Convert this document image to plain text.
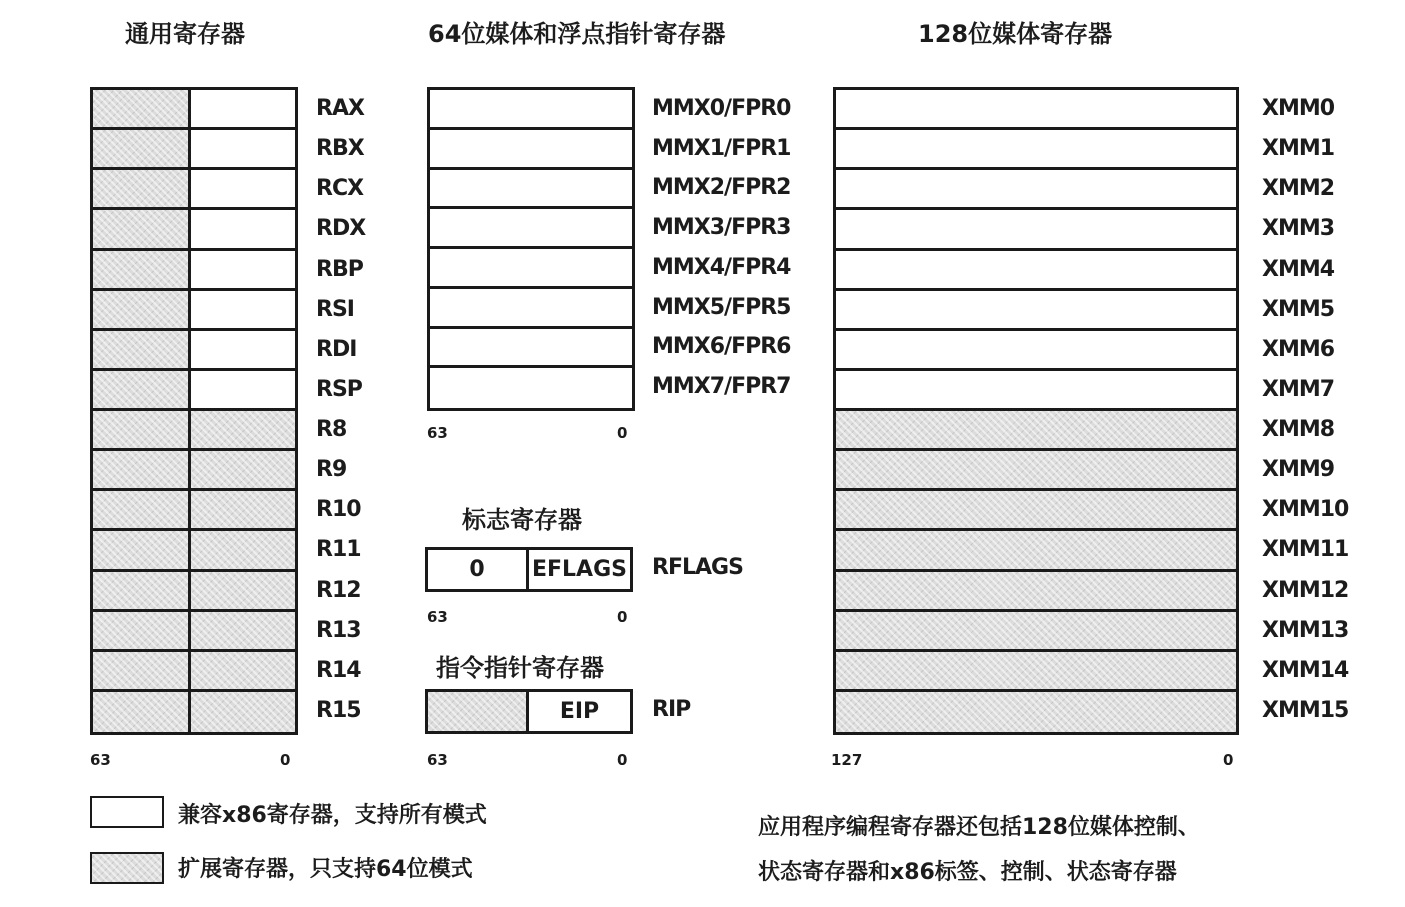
通用寄存器	64位媒体和浮点指针寄存器	128位媒体寄存器
RAX
RBX
RCX
RDX
RBP
RSI
RDI
RSP
R8
R9
R10
R11
R12
R13
R14
R15
63	0
MMX0/FPR0
MMX1/FPR1
MMX2/FPR2
MMX3/FPR3
MMX4/FPR4
MMX5/FPR5
MMX6/FPR6
MMX7/FPR7
63	0
标志寄存器
0	EFLAGS RFLAGS
63	0
指令指针寄存器
EIP	RIP
63	0
XMM0
XMM1
XMM2
XMM3
XMM4
XMM5
XMM6
XMM7
XMM8
XMM9
XMM10
XMM11
XMM12
XMM13
XMM14
XMM15
127	0
兼容x86寄存器，支持所有模式
扩展寄存器，只支持64位模式
应用程序编程寄存器还包括128位媒体控制、
状态寄存器和x86标签、控制、状态寄存器
